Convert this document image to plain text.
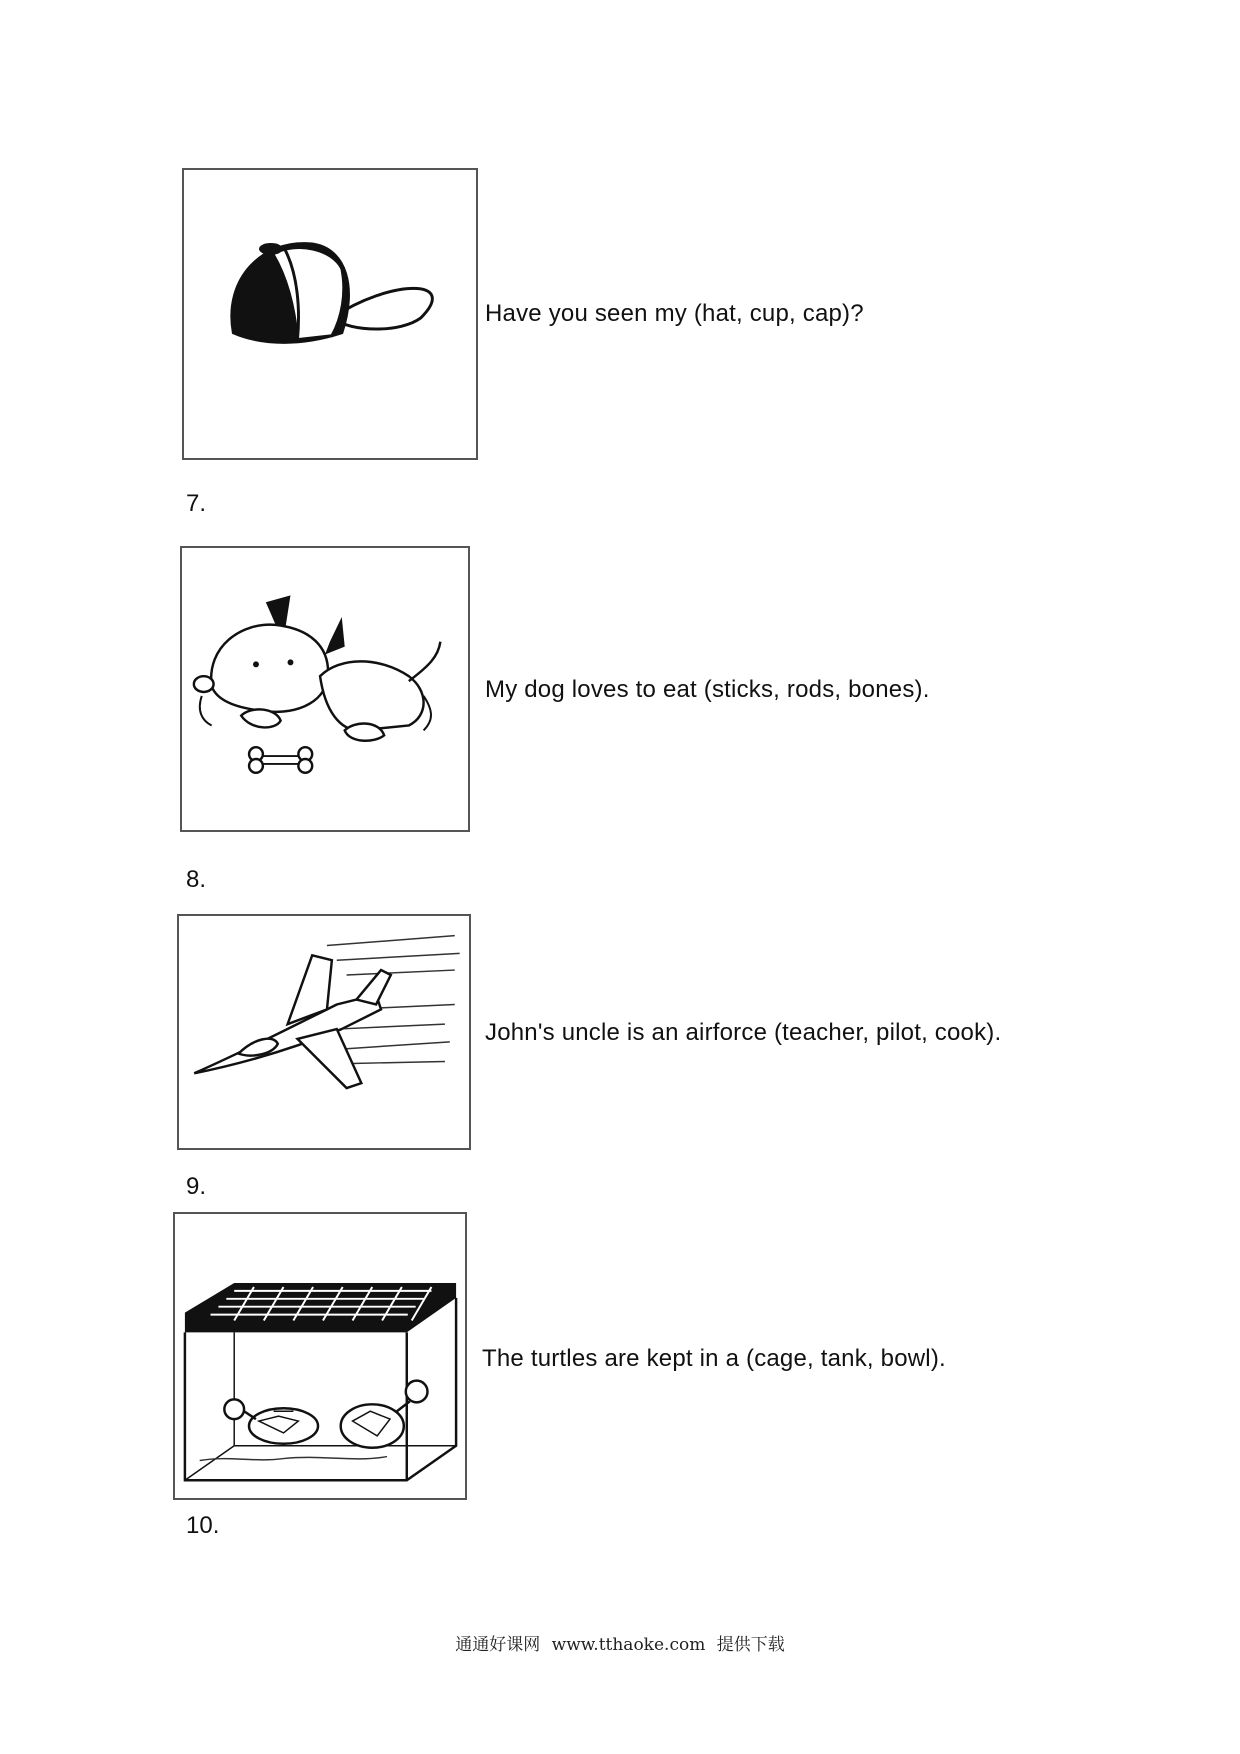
Have you seen my (hat, cup, cap)?
7.
My dog loves to eat (sticks, rods, bones).
8.
John's uncle is an airforce (teacher, pilot, cook).
9.
The turtles are kept in a (cage, tank, bowl).
10.
通通好课网 www.tthaoke.com 提供下载
